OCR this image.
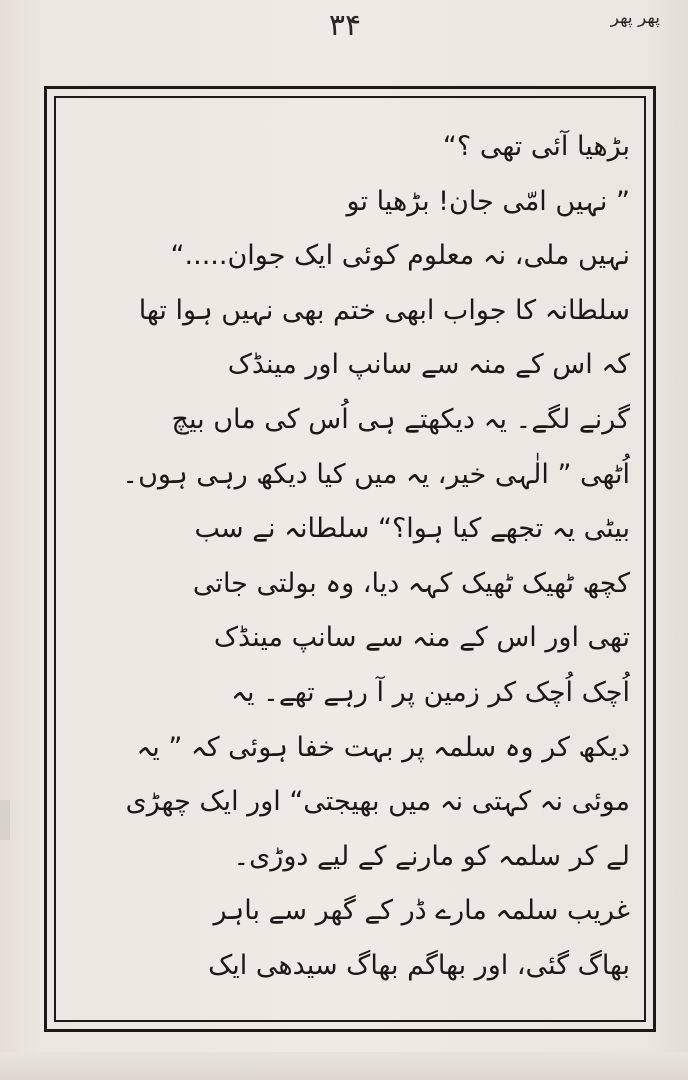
۳۴	پھر پھر
بڑھیا آئی تھی ؟“
” نہیں امّی جان! بڑھیا تو
نہیں ملی، نہ معلوم کوئی ایک جوان.....“
سلطانہ کا جواب ابھی ختم بھی نہیں ہوا تھا
کہ اس کے منہ سے سانپ اور مینڈک
گرنے لگے۔ یہ دیکھتے ہی اُس کی ماں بیچ
اُٹھی ” الٰہی خیر، یہ میں کیا دیکھ رہی ہوں۔
بیٹی یہ تجھے کیا ہوا؟“ سلطانہ نے سب
کچھ ٹھیک ٹھیک کہہ دیا، وہ بولتی جاتی
تھی اور اس کے منہ سے سانپ مینڈک
اُچک اُچک کر زمین پر آ رہے تھے۔ یہ
دیکھ کر وہ سلمہ پر بہت خفا ہوئی کہ ” یہ
موئی نہ کہتی نہ میں بھیجتی“ اور ایک چھڑی
لے کر سلمہ کو مارنے کے لیے دوڑی۔
غریب سلمہ مارے ڈر کے گھر سے باہر
بھاگ گئی، اور بھاگم بھاگ سیدھی ایک
